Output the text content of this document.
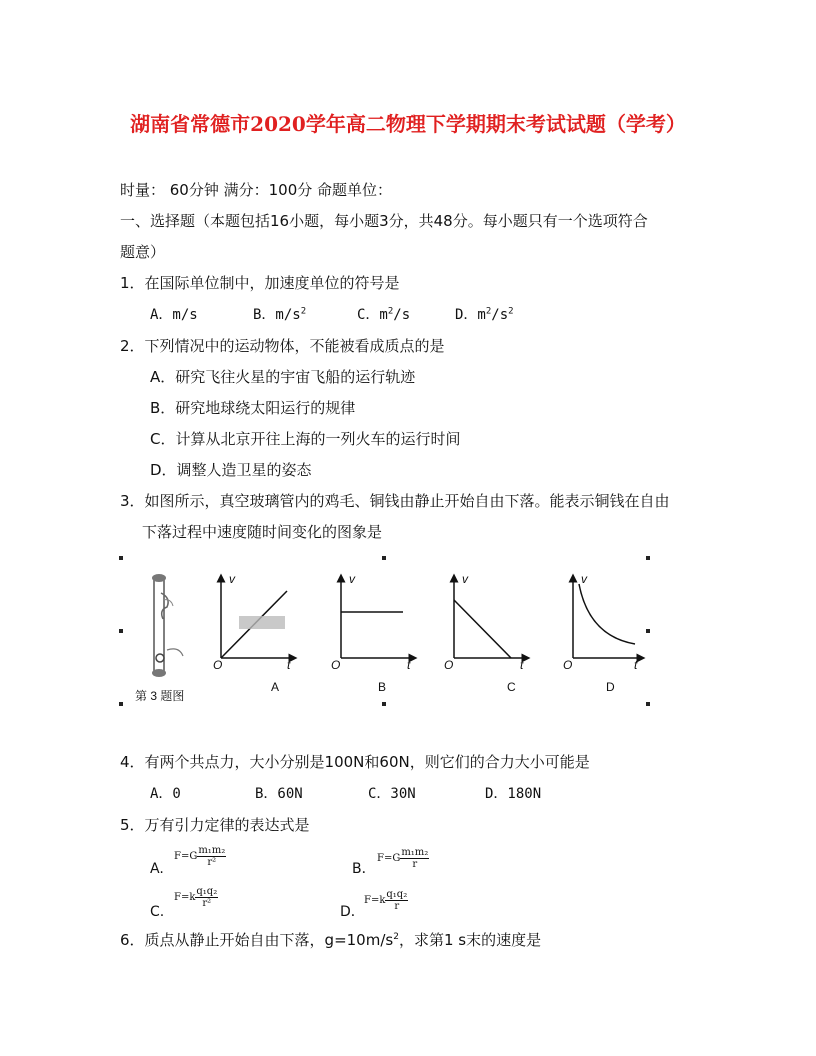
湖南省常德市2020学年高二物理下学期期末考试试题（学考）
时量： 60分钟 满分：100分 命题单位：
一、选择题（本题包括16小题，每小题3分，共48分。每小题只有一个选项符合
题意）
1．在国际单位制中，加速度单位的符号是
A．m/s	B．$m/s^2$	C．$m^2/s$	D．$m^2/s^2$
2．下列情况中的运动物体，不能被看成质点的是
A．研究飞往火星的宇宙飞船的运行轨迹
B．研究地球绕太阳运行的规律
C．计算从北京开往上海的一列火车的运行时间
D．调整人造卫星的姿态
3．如图所示，真空玻璃管内的鸡毛、铜钱由静止开始自由下落。能表示铜钱在自由
下落过程中速度随时间变化的图象是
v
t
O
A
v
t
O
B
v
t
O
C
v
t
O
D
第 3 题图
4．有两个共点力，大小分别是100N和60N，则它们的合力大小可能是
A．0	B．60N	C．30N	D．180N
5．万有引力定律的表达式是
A.
$F=G \frac{\text{m₁m₂}}{\text{r²}}$
B．
$F=G \frac{\text{m₁m₂}}{r}$
C.
$F=k \frac{\text{q₁q₂}}{\text{r²}}$
D．
$F=k \frac{\text{q₁q₂}}{r}$
6．质点从静止开始自由下落，$g=10m/s^2$，求第1 s末的速度是
